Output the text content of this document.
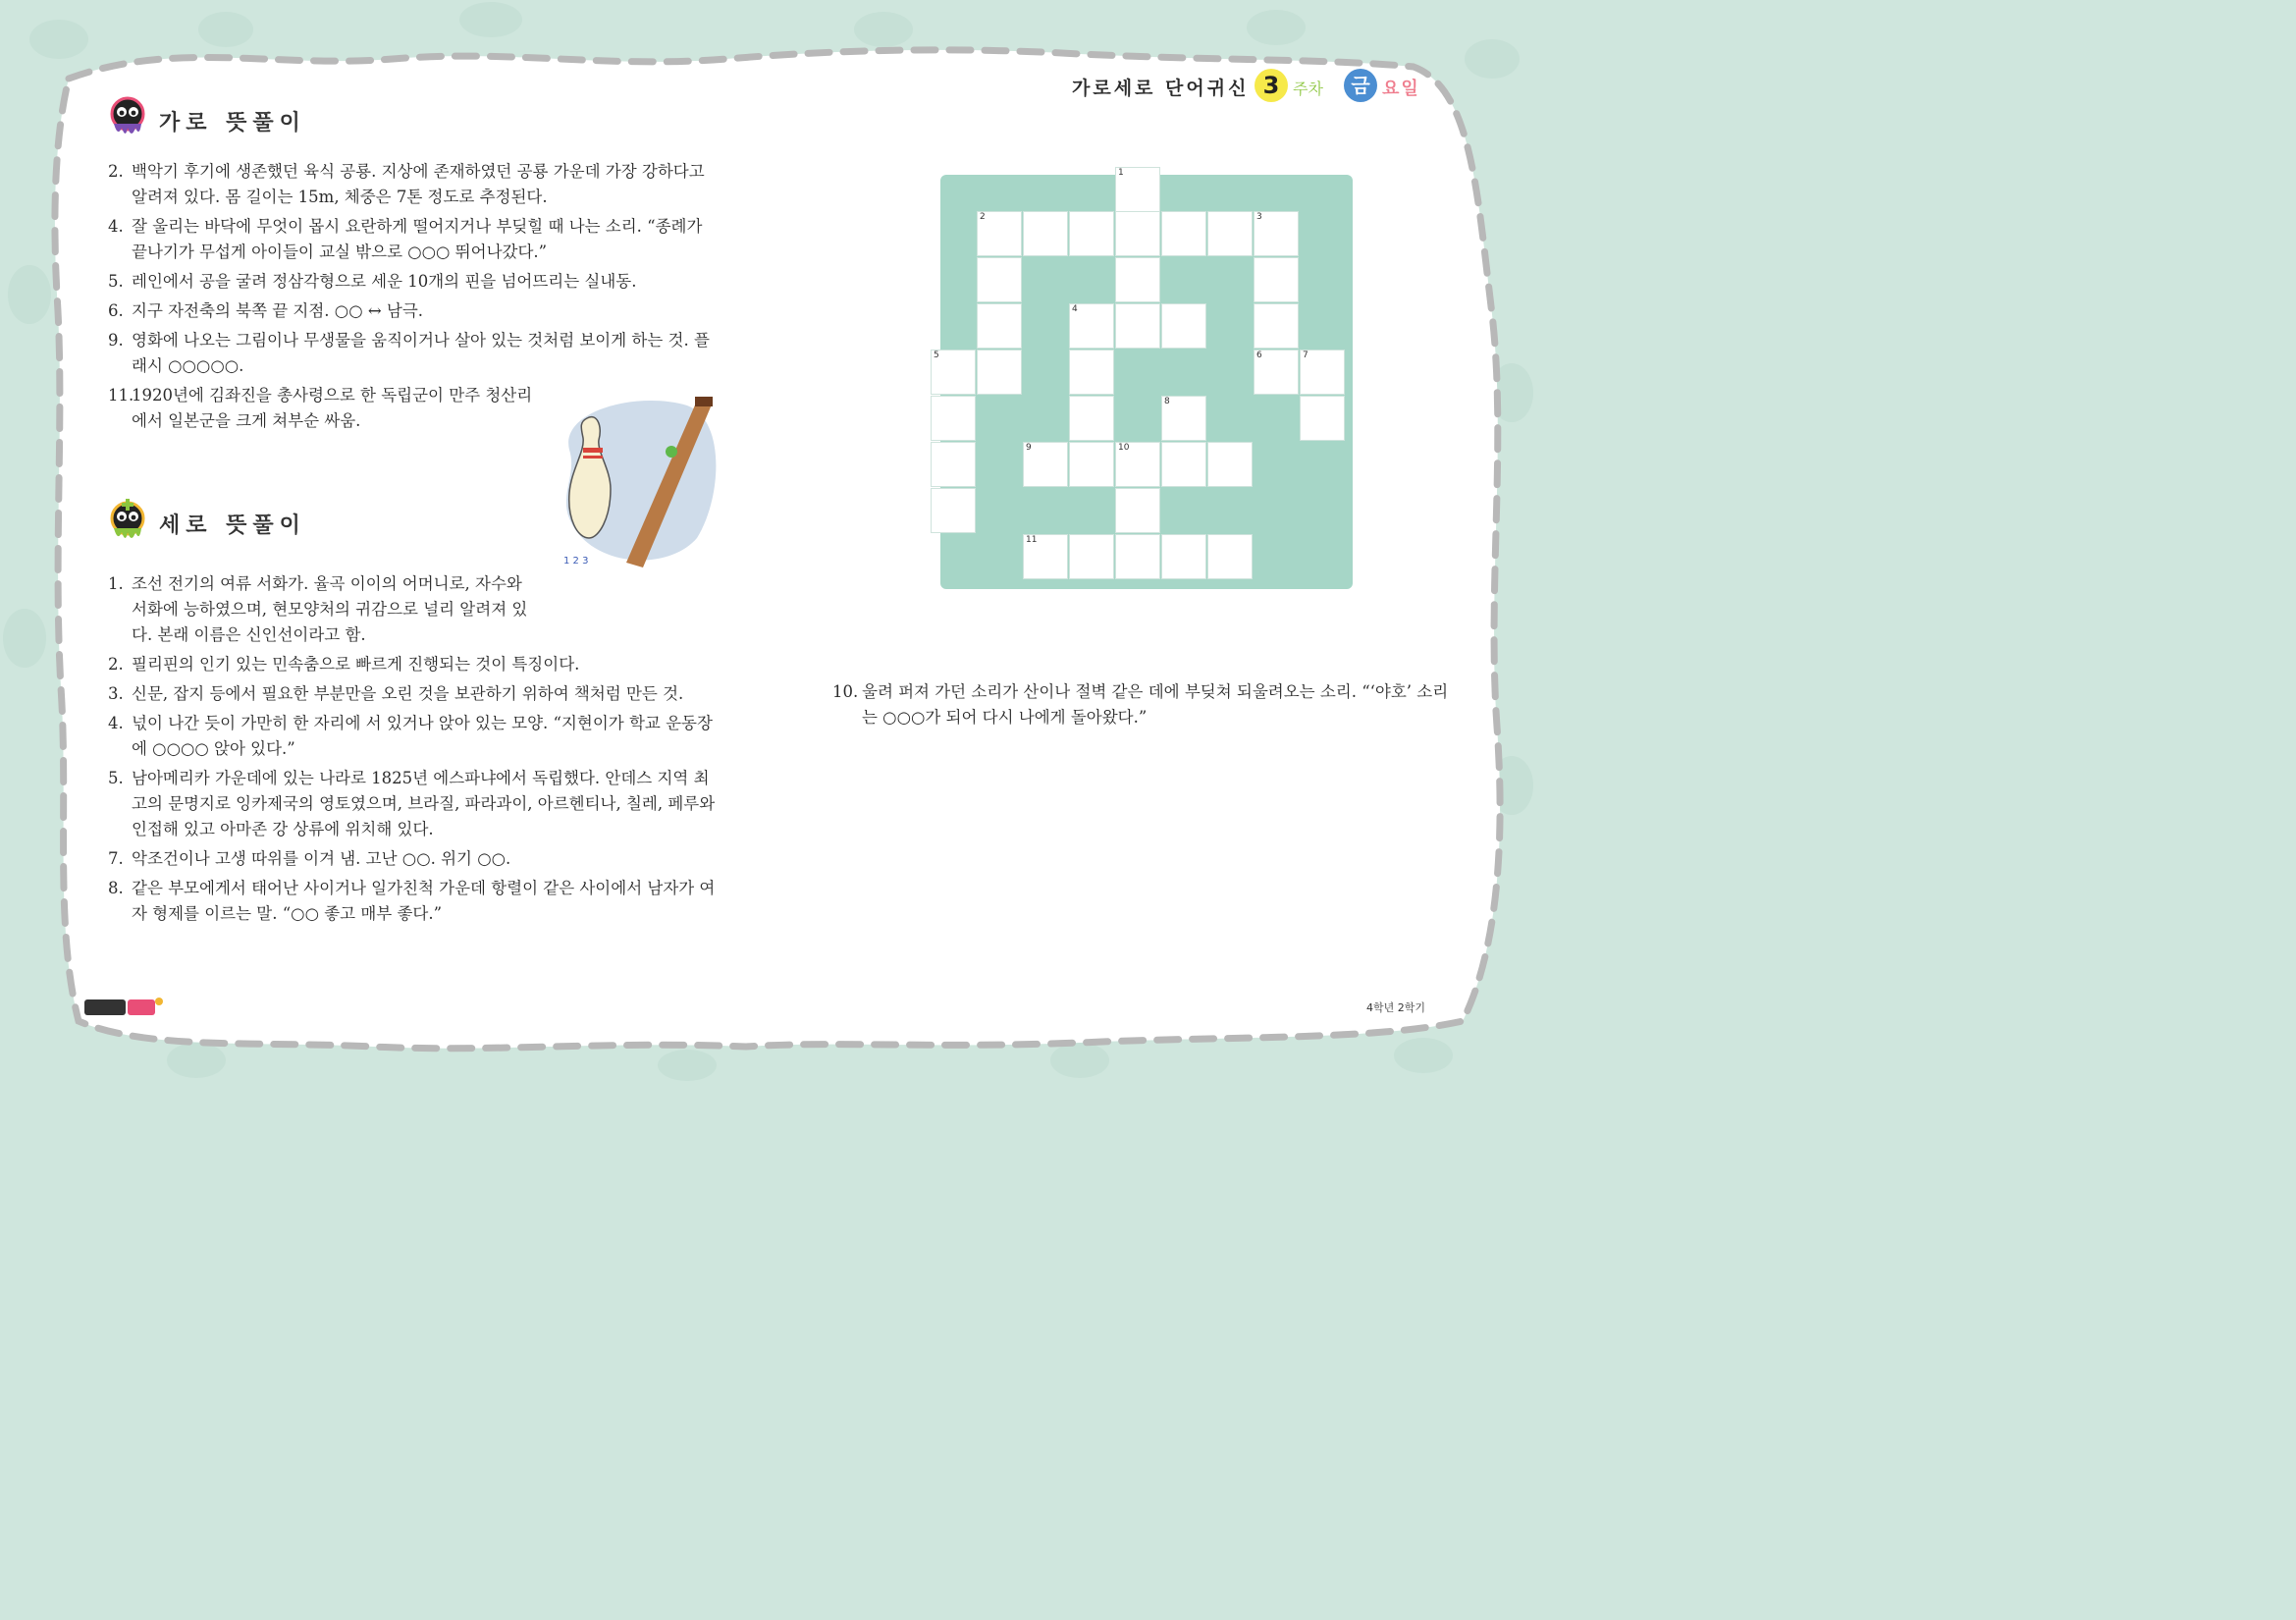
가로세로 단어귀신 3 주차	금 요일
가로 뜻풀이
2. 백악기 후기에 생존했던 육식 공룡. 지상에 존재하였던 공룡 가운데 가장 강하다고 알려져 있다. 몸 길이는 15m, 체중은 7톤 정도로 추정된다.
4. 잘 울리는 바닥에 무엇이 몹시 요란하게 떨어지거나 부딪힐 때 나는 소리. “종례가 끝나기가 무섭게 아이들이 교실 밖으로 ○○○ 뛰어나갔다.”
5. 레인에서 공을 굴려 정삼각형으로 세운 10개의 핀을 넘어뜨리는 실내동.
6. 지구 자전축의 북쪽 끝 지점. ○○ ↔ 남극.
9. 영화에 나오는 그림이나 무생물을 움직이거나 살아 있는 것처럼 보이게 하는 것. 플래시 ○○○○○.
11.
1920년에 김좌진을 총사령으로 한 독립군이 만주 청산리에서 일본군을 크게 쳐부순 싸움.
1 2 3
세로 뜻풀이
1. 조선 전기의 여류 서화가. 율곡 이이의 어머니로, 자수와 서화에 능하였으며, 현모양처의 귀감으로 널리 알려져 있다. 본래 이름은 신인선이라고 함.
2. 필리핀의 인기 있는 민속춤으로 빠르게 진행되는 것이 특징이다.
3. 신문, 잡지 등에서 필요한 부분만을 오린 것을 보관하기 위하여 책처럼 만든 것.
4. 넋이 나간 듯이 가만히 한 자리에 서 있거나 앉아 있는 모양. “지현이가 학교 운동장에 ○○○○ 앉아 있다.”
5. 남아메리카 가운데에 있는 나라로 1825년 에스파냐에서 독립했다. 안데스 지역 최고의 문명지로 잉카제국의 영토였으며, 브라질, 파라과이, 아르헨티나, 칠레, 페루와 인접해 있고 아마존 강 상류에 위치해 있다.
7. 악조건이나 고생 따위를 이겨 냄. 고난 ○○. 위기 ○○.
8. 같은 부모에게서 태어난 사이거나 일가친척 가운데 항렬이 같은 사이에서 남자가 여자 형제를 이르는 말. “○○ 좋고 매부 좋다.”
1
2	3
4
5	6	7
8
9	10
11
10. 울려 퍼져 가던 소리가 산이나 절벽 같은 데에 부딪쳐 되울려오는 소리. “‘야호’ 소리는 ○○○가 되어 다시 나에게 돌아왔다.”
4학년 2학기
